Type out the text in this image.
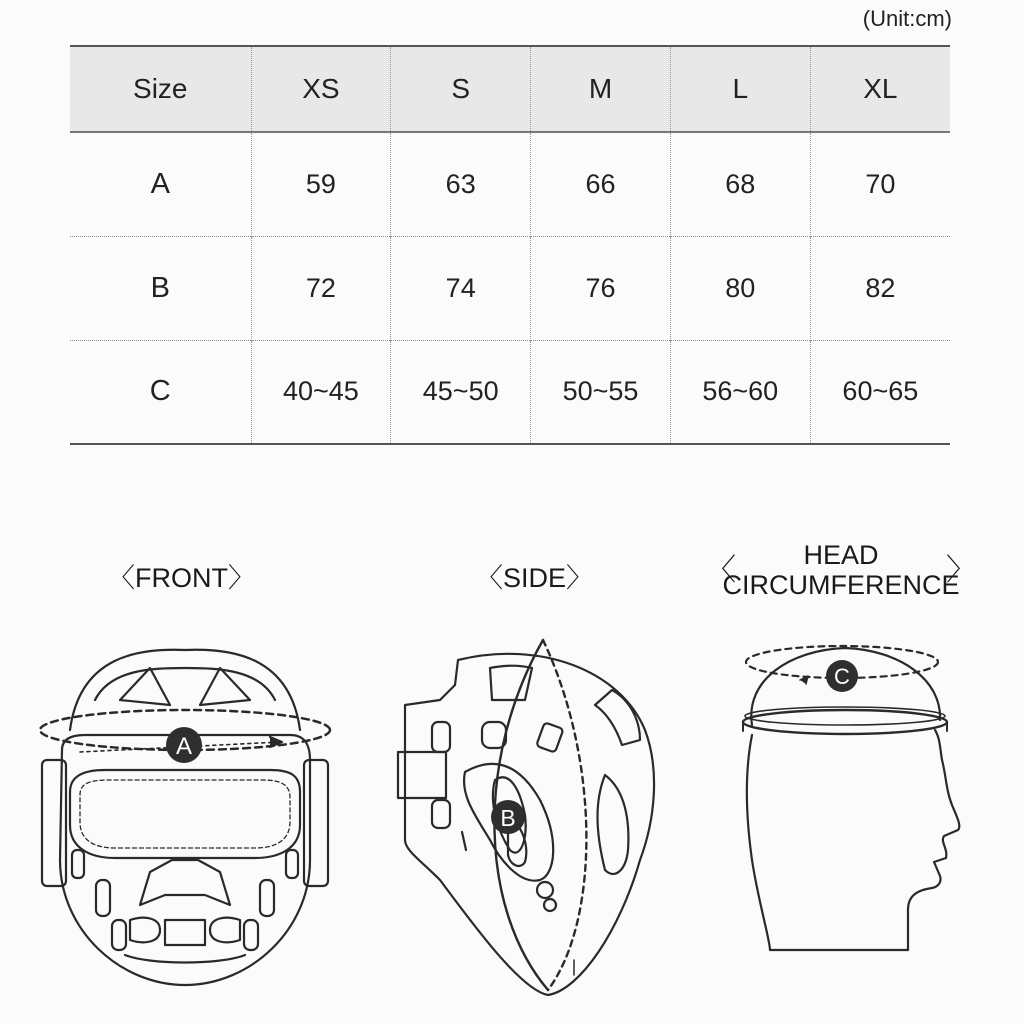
(Unit:cm)
Size	XS	S	M	L	XL
A	59	63	66	68	70
B	72	74	76	80	82
C	40~45	45~50	50~55	56~60	60~65
〈FRONT〉	〈SIDE〉	〈	HEAD
CIRCUMFERENCE
〉
A
B
C
